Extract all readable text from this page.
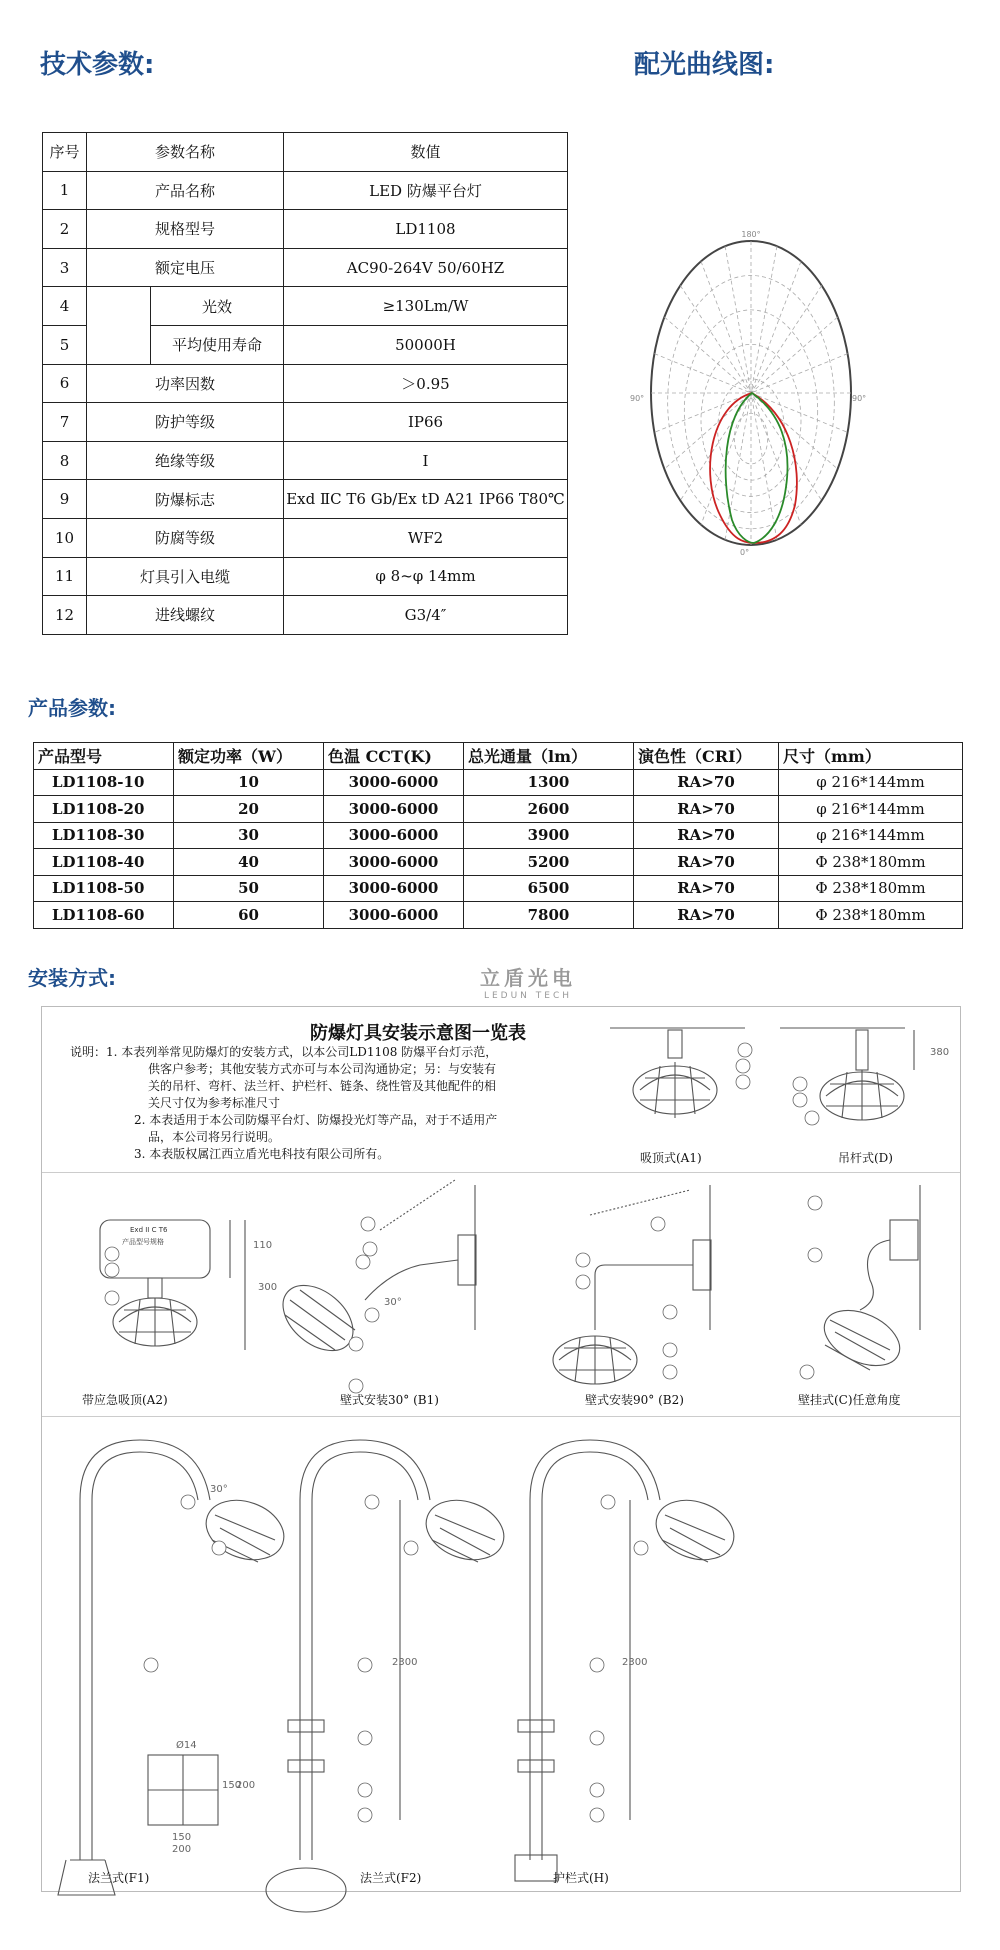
技术参数:	配光曲线图:
序号	参数名称		数值
1	产品名称		LED 防爆平台灯
2	规格型号		LD1108
3	额定电压		AC90-264V 50/60HZ
4		光效	≥130Lm/W
5		平均使用寿命	50000H
6	功率因数		＞0.95
7	防护等级		IP66
8	绝缘等级		I
9	防爆标志		Exd ⅡC T6 Gb/Ex tD A21 IP66 T80℃
10	防腐等级		WF2
11	灯具引入电缆		φ 8~φ 14mm
12	进线螺纹		G3/4″
180°
90°	90°
0°
产品参数:
产品型号	额定功率（W）	色温 CCT(K)	总光通量（lm）	演色性（CRI）	尺寸（mm）
LD1108-10	10	3000-6000	1300	RA>70	φ 216*144mm
LD1108-20	20	3000-6000	2600	RA>70	φ 216*144mm
LD1108-30	30	3000-6000	3900	RA>70	φ 216*144mm
LD1108-40	40	3000-6000	5200	RA>70	Φ 238*180mm
LD1108-50	50	3000-6000	6500	RA>70	Φ 238*180mm
LD1108-60	60	3000-6000	7800	RA>70	Φ 238*180mm
安装方式:	立盾光电
LEDUN TECH
防爆灯具安装示意图一览表
说明：1. 本表列举常见防爆灯的安装方式，以本公司LD1108 防爆平台灯示范，
供客户参考；其他安装方式亦可与本公司沟通协定；另：与安装有
关的吊杆、弯杆、法兰杆、护栏杆、链条、绕性管及其他配件的相
关尺寸仅为参考标准尺寸
2. 本表适用于本公司防爆平台灯、防爆投光灯等产品，对于不适用产
品，本公司将另行说明。
3. 本表版权属江西立盾光电科技有限公司所有。
380
110
300
30°
30°
2300	2300
Ø14
150
200
150
200
Exd II C T6
产品型号规格
吸顶式(A1)	吊杆式(D)
带应急吸顶(A2)	壁式安装30° (B1)	壁式安装90° (B2)	壁挂式(C)任意角度
法兰式(F1)	法兰式(F2)	护栏式(H)
